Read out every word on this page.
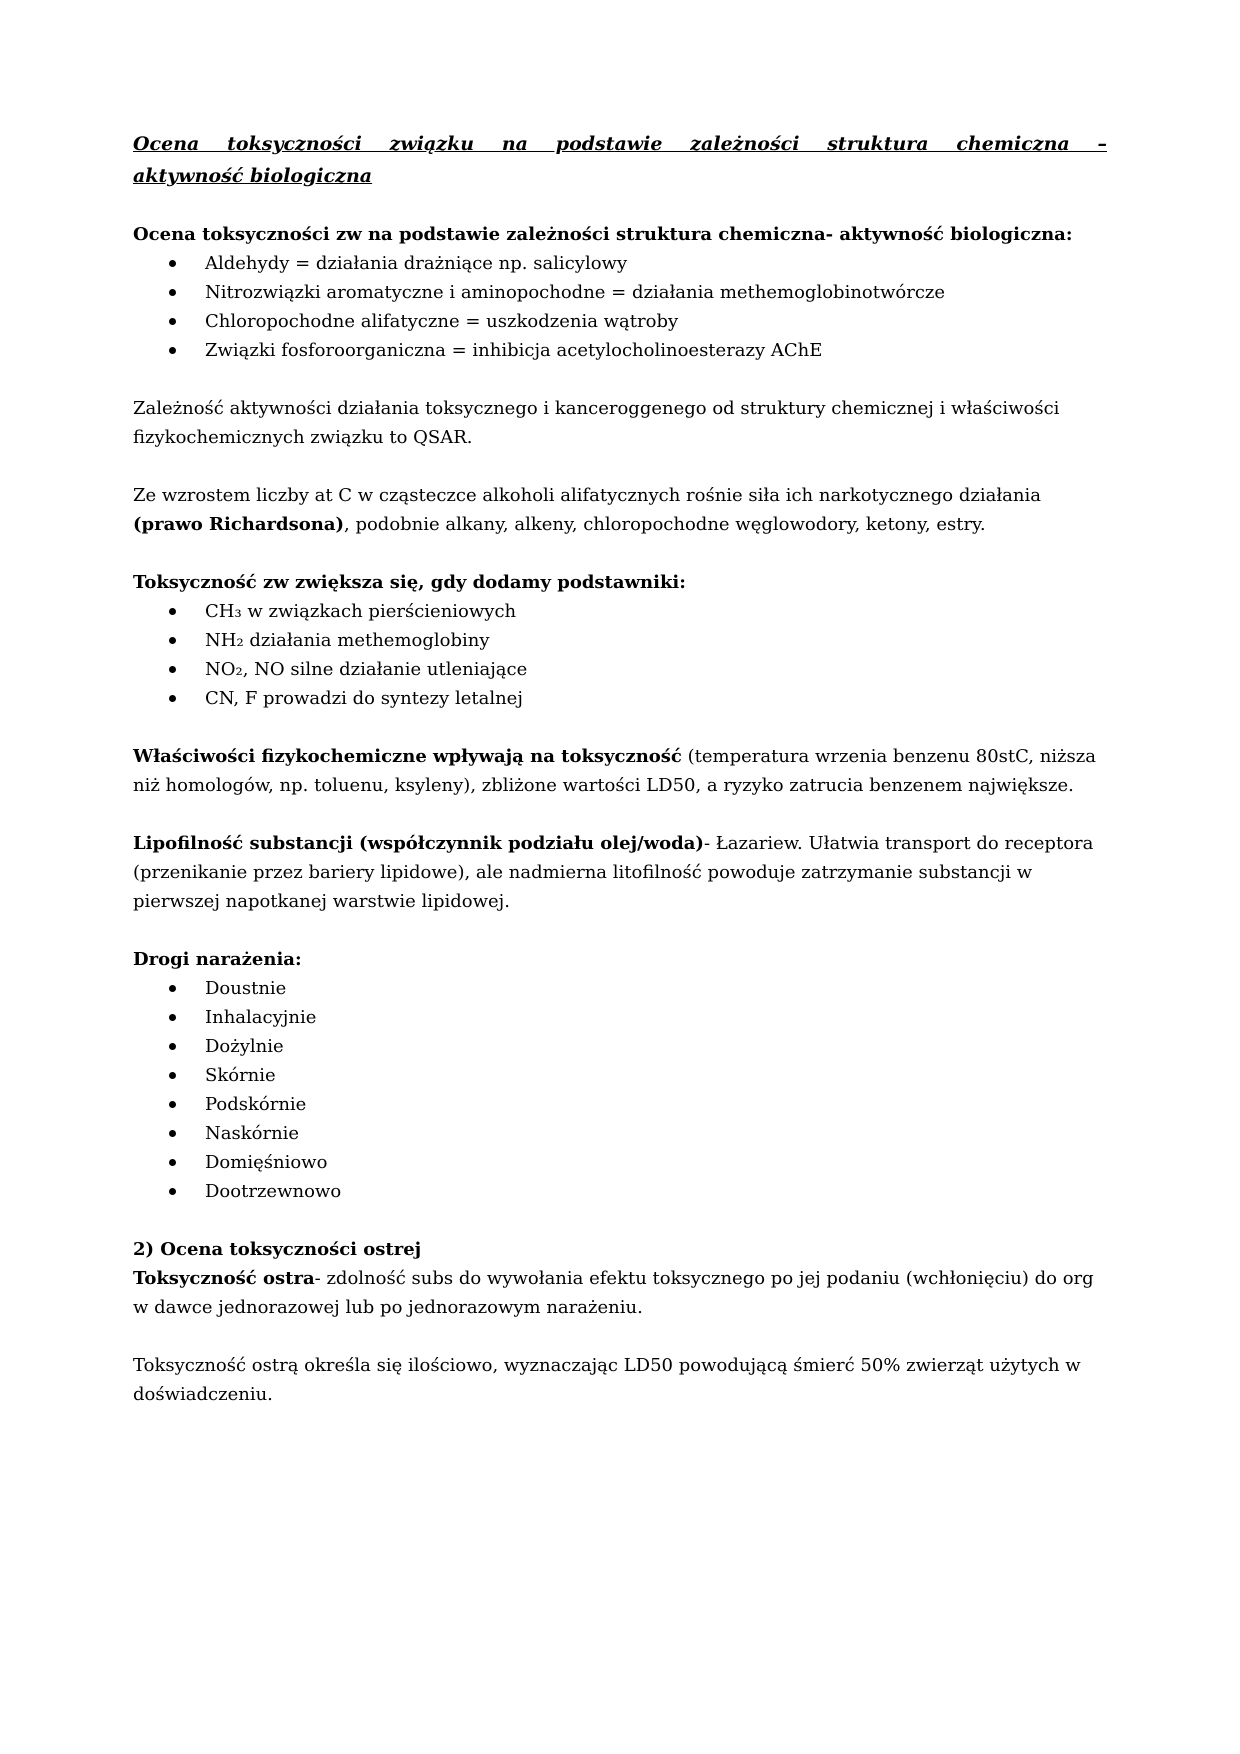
Ocena toksyczności związku na podstawie zależności struktura chemiczna –
aktywność biologiczna

Ocena toksyczności zw na podstawie zależności struktura chemiczna- aktywność biologiczna:

Aldehydy = działania drażniące np. salicylowy
Nitrozwiązki aromatyczne i aminopochodne = działania methemoglobinotwórcze
Chloropochodne alifatyczne = uszkodzenia wątroby
Związki fosforoorganiczna = inhibicja acetylocholinoesterazy AChE

Zależność aktywności działania toksycznego i kanceroggenego od struktury chemicznej i właściwości fizykochemicznych związku to QSAR.

Ze wzrostem liczby at C w cząsteczce alkoholi alifatycznych rośnie siła ich narkotycznego działania (prawo Richardsona), podobnie alkany, alkeny, chloropochodne węglowodory, ketony, estry.

Toksyczność zw zwiększa się, gdy dodamy podstawniki:

CH₃ w związkach pierścieniowych
NH₂ działania methemoglobiny
NO₂, NO silne działanie utleniające
CN, F prowadzi do syntezy letalnej

Właściwości fizykochemiczne wpływają na toksyczność (temperatura wrzenia benzenu 80stC, niższa niż homologów, np. toluenu, ksyleny), zbliżone wartości LD50, a ryzyko zatrucia benzenem największe.

Lipofilność substancji (współczynnik podziału olej/woda)- Łazariew. Ułatwia transport do receptora (przenikanie przez bariery lipidowe), ale nadmierna litofilność powoduje zatrzymanie substancji w pierwszej napotkanej warstwie lipidowej.

Drogi narażenia:

Doustnie
Inhalacyjnie
Dożylnie
Skórnie
Podskórnie
Naskórnie
Domięśniowo
Dootrzewnowo

2) Ocena toksyczności ostrej

Toksyczność ostra- zdolność subs do wywołania efektu toksycznego po jej podaniu (wchłonięciu) do org w dawce jednorazowej lub po jednorazowym narażeniu.

Toksyczność ostrą określa się ilościowo, wyznaczając LD50 powodującą śmierć 50% zwierząt użytych w doświadczeniu.
